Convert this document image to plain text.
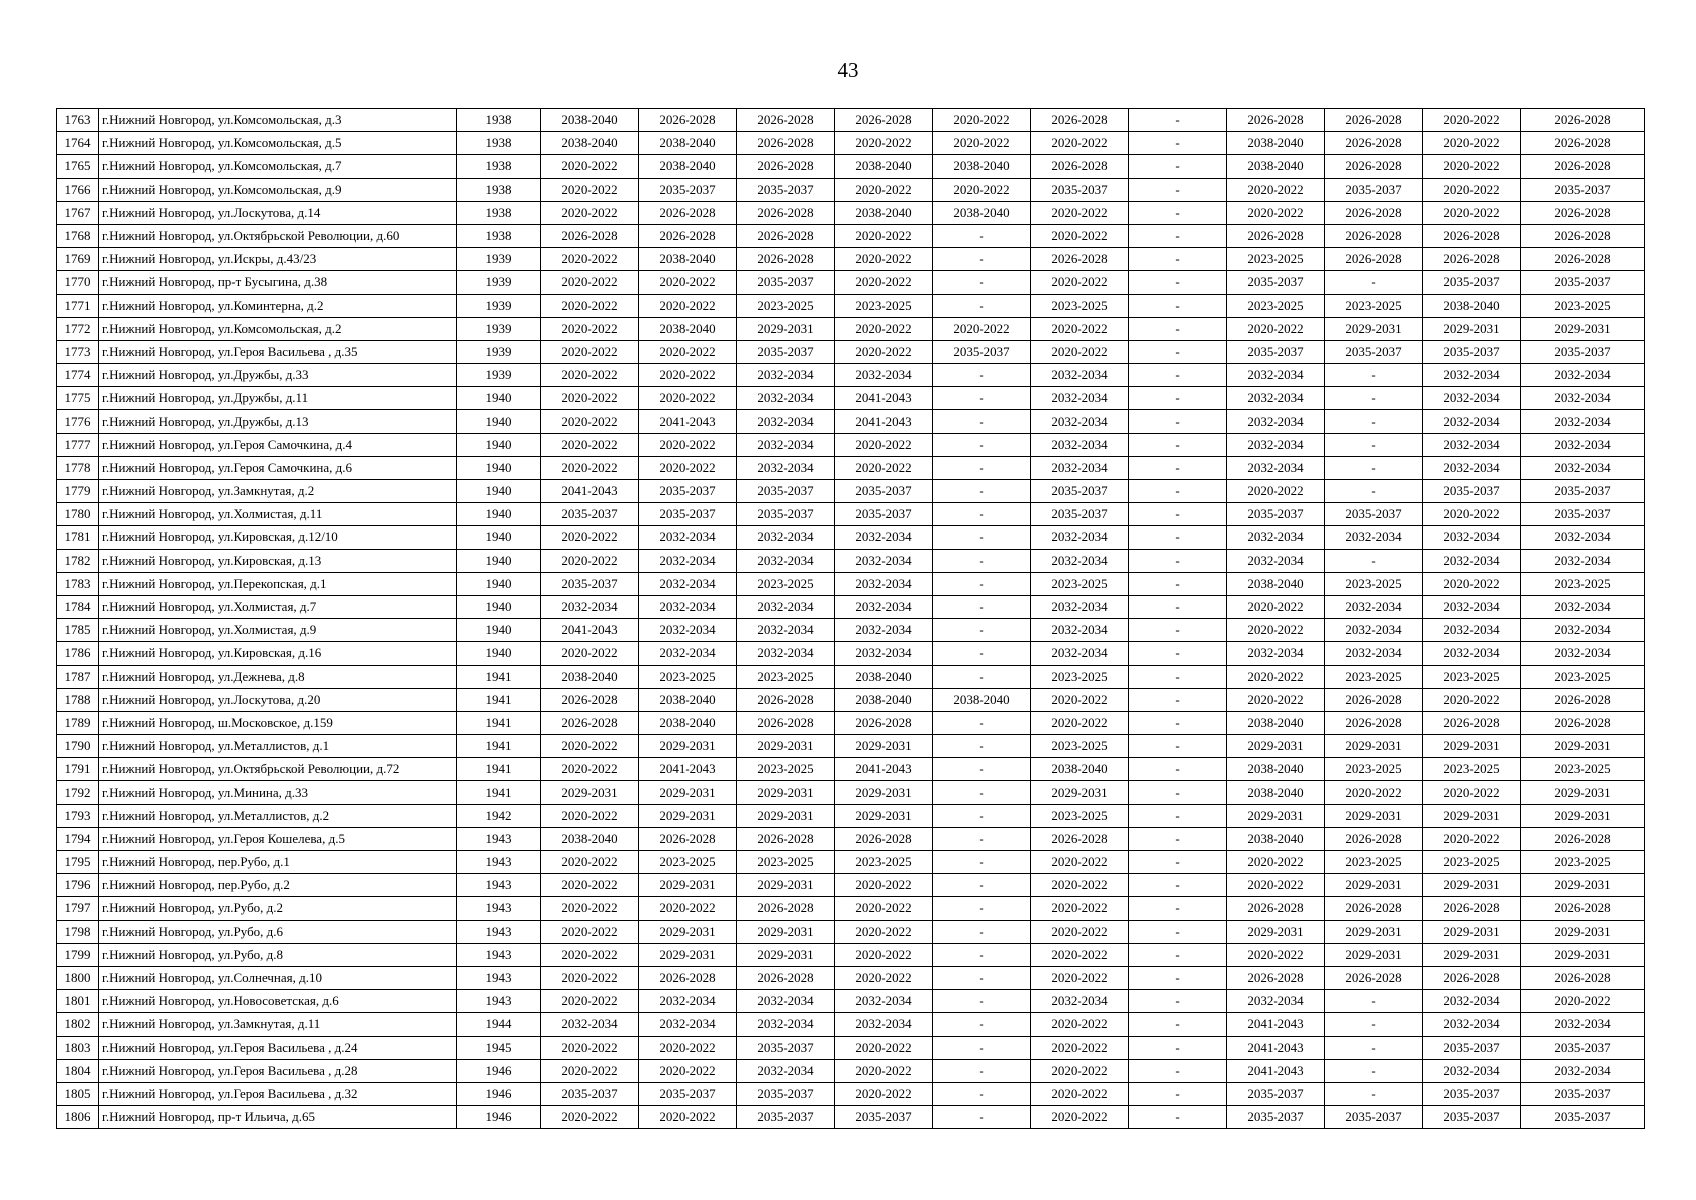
43
1763	г.Нижний Новгород, ул.Комсомольская, д.3	1938	2038-2040	2026-2028	2026-2028	2026-2028	2020-2022	2026-2028	-	2026-2028	2026-2028	2020-2022	2026-2028
1764	г.Нижний Новгород, ул.Комсомольская, д.5	1938	2038-2040	2038-2040	2026-2028	2020-2022	2020-2022	2020-2022	-	2038-2040	2026-2028	2020-2022	2026-2028
1765	г.Нижний Новгород, ул.Комсомольская, д.7	1938	2020-2022	2038-2040	2026-2028	2038-2040	2038-2040	2026-2028	-	2038-2040	2026-2028	2020-2022	2026-2028
1766	г.Нижний Новгород, ул.Комсомольская, д.9	1938	2020-2022	2035-2037	2035-2037	2020-2022	2020-2022	2035-2037	-	2020-2022	2035-2037	2020-2022	2035-2037
1767	г.Нижний Новгород, ул.Лоскутова, д.14	1938	2020-2022	2026-2028	2026-2028	2038-2040	2038-2040	2020-2022	-	2020-2022	2026-2028	2020-2022	2026-2028
1768	г.Нижний Новгород, ул.Октябрьской Революции, д.60	1938	2026-2028	2026-2028	2026-2028	2020-2022	-	2020-2022	-	2026-2028	2026-2028	2026-2028	2026-2028
1769	г.Нижний Новгород, ул.Искры, д.43/23	1939	2020-2022	2038-2040	2026-2028	2020-2022	-	2026-2028	-	2023-2025	2026-2028	2026-2028	2026-2028
1770	г.Нижний Новгород, пр-т Бусыгина, д.38	1939	2020-2022	2020-2022	2035-2037	2020-2022	-	2020-2022	-	2035-2037	-	2035-2037	2035-2037
1771	г.Нижний Новгород, ул.Коминтерна, д.2	1939	2020-2022	2020-2022	2023-2025	2023-2025	-	2023-2025	-	2023-2025	2023-2025	2038-2040	2023-2025
1772	г.Нижний Новгород, ул.Комсомольская, д.2	1939	2020-2022	2038-2040	2029-2031	2020-2022	2020-2022	2020-2022	-	2020-2022	2029-2031	2029-2031	2029-2031
1773	г.Нижний Новгород, ул.Героя Васильева , д.35	1939	2020-2022	2020-2022	2035-2037	2020-2022	2035-2037	2020-2022	-	2035-2037	2035-2037	2035-2037	2035-2037
1774	г.Нижний Новгород, ул.Дружбы, д.33	1939	2020-2022	2020-2022	2032-2034	2032-2034	-	2032-2034	-	2032-2034	-	2032-2034	2032-2034
1775	г.Нижний Новгород, ул.Дружбы, д.11	1940	2020-2022	2020-2022	2032-2034	2041-2043	-	2032-2034	-	2032-2034	-	2032-2034	2032-2034
1776	г.Нижний Новгород, ул.Дружбы, д.13	1940	2020-2022	2041-2043	2032-2034	2041-2043	-	2032-2034	-	2032-2034	-	2032-2034	2032-2034
1777	г.Нижний Новгород, ул.Героя Самочкина, д.4	1940	2020-2022	2020-2022	2032-2034	2020-2022	-	2032-2034	-	2032-2034	-	2032-2034	2032-2034
1778	г.Нижний Новгород, ул.Героя Самочкина, д.6	1940	2020-2022	2020-2022	2032-2034	2020-2022	-	2032-2034	-	2032-2034	-	2032-2034	2032-2034
1779	г.Нижний Новгород, ул.Замкнутая, д.2	1940	2041-2043	2035-2037	2035-2037	2035-2037	-	2035-2037	-	2020-2022	-	2035-2037	2035-2037
1780	г.Нижний Новгород, ул.Холмистая, д.11	1940	2035-2037	2035-2037	2035-2037	2035-2037	-	2035-2037	-	2035-2037	2035-2037	2020-2022	2035-2037
1781	г.Нижний Новгород, ул.Кировская, д.12/10	1940	2020-2022	2032-2034	2032-2034	2032-2034	-	2032-2034	-	2032-2034	2032-2034	2032-2034	2032-2034
1782	г.Нижний Новгород, ул.Кировская, д.13	1940	2020-2022	2032-2034	2032-2034	2032-2034	-	2032-2034	-	2032-2034	-	2032-2034	2032-2034
1783	г.Нижний Новгород, ул.Перекопская, д.1	1940	2035-2037	2032-2034	2023-2025	2032-2034	-	2023-2025	-	2038-2040	2023-2025	2020-2022	2023-2025
1784	г.Нижний Новгород, ул.Холмистая, д.7	1940	2032-2034	2032-2034	2032-2034	2032-2034	-	2032-2034	-	2020-2022	2032-2034	2032-2034	2032-2034
1785	г.Нижний Новгород, ул.Холмистая, д.9	1940	2041-2043	2032-2034	2032-2034	2032-2034	-	2032-2034	-	2020-2022	2032-2034	2032-2034	2032-2034
1786	г.Нижний Новгород, ул.Кировская, д.16	1940	2020-2022	2032-2034	2032-2034	2032-2034	-	2032-2034	-	2032-2034	2032-2034	2032-2034	2032-2034
1787	г.Нижний Новгород, ул.Дежнева, д.8	1941	2038-2040	2023-2025	2023-2025	2038-2040	-	2023-2025	-	2020-2022	2023-2025	2023-2025	2023-2025
1788	г.Нижний Новгород, ул.Лоскутова, д.20	1941	2026-2028	2038-2040	2026-2028	2038-2040	2038-2040	2020-2022	-	2020-2022	2026-2028	2020-2022	2026-2028
1789	г.Нижний Новгород, ш.Московское, д.159	1941	2026-2028	2038-2040	2026-2028	2026-2028	-	2020-2022	-	2038-2040	2026-2028	2026-2028	2026-2028
1790	г.Нижний Новгород, ул.Металлистов, д.1	1941	2020-2022	2029-2031	2029-2031	2029-2031	-	2023-2025	-	2029-2031	2029-2031	2029-2031	2029-2031
1791	г.Нижний Новгород, ул.Октябрьской Революции, д.72	1941	2020-2022	2041-2043	2023-2025	2041-2043	-	2038-2040	-	2038-2040	2023-2025	2023-2025	2023-2025
1792	г.Нижний Новгород, ул.Минина, д.33	1941	2029-2031	2029-2031	2029-2031	2029-2031	-	2029-2031	-	2038-2040	2020-2022	2020-2022	2029-2031
1793	г.Нижний Новгород, ул.Металлистов, д.2	1942	2020-2022	2029-2031	2029-2031	2029-2031	-	2023-2025	-	2029-2031	2029-2031	2029-2031	2029-2031
1794	г.Нижний Новгород, ул.Героя Кошелева, д.5	1943	2038-2040	2026-2028	2026-2028	2026-2028	-	2026-2028	-	2038-2040	2026-2028	2020-2022	2026-2028
1795	г.Нижний Новгород, пер.Рубо, д.1	1943	2020-2022	2023-2025	2023-2025	2023-2025	-	2020-2022	-	2020-2022	2023-2025	2023-2025	2023-2025
1796	г.Нижний Новгород, пер.Рубо, д.2	1943	2020-2022	2029-2031	2029-2031	2020-2022	-	2020-2022	-	2020-2022	2029-2031	2029-2031	2029-2031
1797	г.Нижний Новгород, ул.Рубо, д.2	1943	2020-2022	2020-2022	2026-2028	2020-2022	-	2020-2022	-	2026-2028	2026-2028	2026-2028	2026-2028
1798	г.Нижний Новгород, ул.Рубо, д.6	1943	2020-2022	2029-2031	2029-2031	2020-2022	-	2020-2022	-	2029-2031	2029-2031	2029-2031	2029-2031
1799	г.Нижний Новгород, ул.Рубо, д.8	1943	2020-2022	2029-2031	2029-2031	2020-2022	-	2020-2022	-	2020-2022	2029-2031	2029-2031	2029-2031
1800	г.Нижний Новгород, ул.Солнечная, д.10	1943	2020-2022	2026-2028	2026-2028	2020-2022	-	2020-2022	-	2026-2028	2026-2028	2026-2028	2026-2028
1801	г.Нижний Новгород, ул.Новосоветская, д.6	1943	2020-2022	2032-2034	2032-2034	2032-2034	-	2032-2034	-	2032-2034	-	2032-2034	2020-2022
1802	г.Нижний Новгород, ул.Замкнутая, д.11	1944	2032-2034	2032-2034	2032-2034	2032-2034	-	2020-2022	-	2041-2043	-	2032-2034	2032-2034
1803	г.Нижний Новгород, ул.Героя Васильева , д.24	1945	2020-2022	2020-2022	2035-2037	2020-2022	-	2020-2022	-	2041-2043	-	2035-2037	2035-2037
1804	г.Нижний Новгород, ул.Героя Васильева , д.28	1946	2020-2022	2020-2022	2032-2034	2020-2022	-	2020-2022	-	2041-2043	-	2032-2034	2032-2034
1805	г.Нижний Новгород, ул.Героя Васильева , д.32	1946	2035-2037	2035-2037	2035-2037	2020-2022	-	2020-2022	-	2035-2037	-	2035-2037	2035-2037
1806	г.Нижний Новгород, пр-т Ильича, д.65	1946	2020-2022	2020-2022	2035-2037	2035-2037	-	2020-2022	-	2035-2037	2035-2037	2035-2037	2035-2037
